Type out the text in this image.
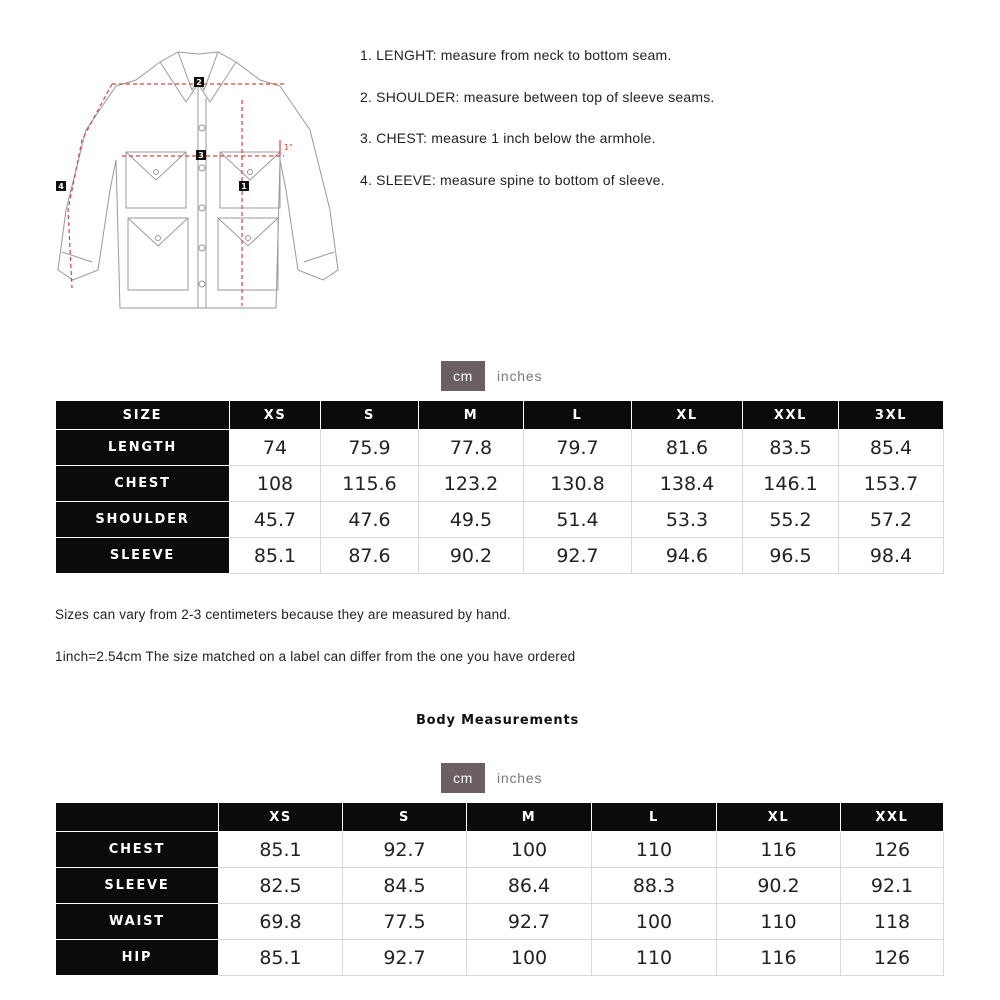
1"
2
3
1
4
1. LENGHT: measure from neck to bottom seam.
2. SHOULDER: measure between top of sleeve seams.
3. CHEST: measure 1 inch below the armhole.
4. SLEEVE: measure spine to bottom of sleeve.
cm	inches
SIZE	XS	S	M	L	XL	XXL	3XL
LENGTH	74	75.9	77.8	79.7	81.6	83.5	85.4
CHEST	108	115.6	123.2	130.8	138.4	146.1	153.7
SHOULDER	45.7	47.6	49.5	51.4	53.3	55.2	57.2
SLEEVE	85.1	87.6	90.2	92.7	94.6	96.5	98.4

Sizes can vary from 2-3 centimeters because they are measured by hand.

1inch=2.54cm The size matched on a label can differ from the one you have ordered

Body Measurements
cm	inches
	XS	S	M	L	XL	XXL
CHEST	85.1	92.7	100	110	116	126
SLEEVE	82.5	84.5	86.4	88.3	90.2	92.1
WAIST	69.8	77.5	92.7	100	110	118
HIP	85.1	92.7	100	110	116	126
